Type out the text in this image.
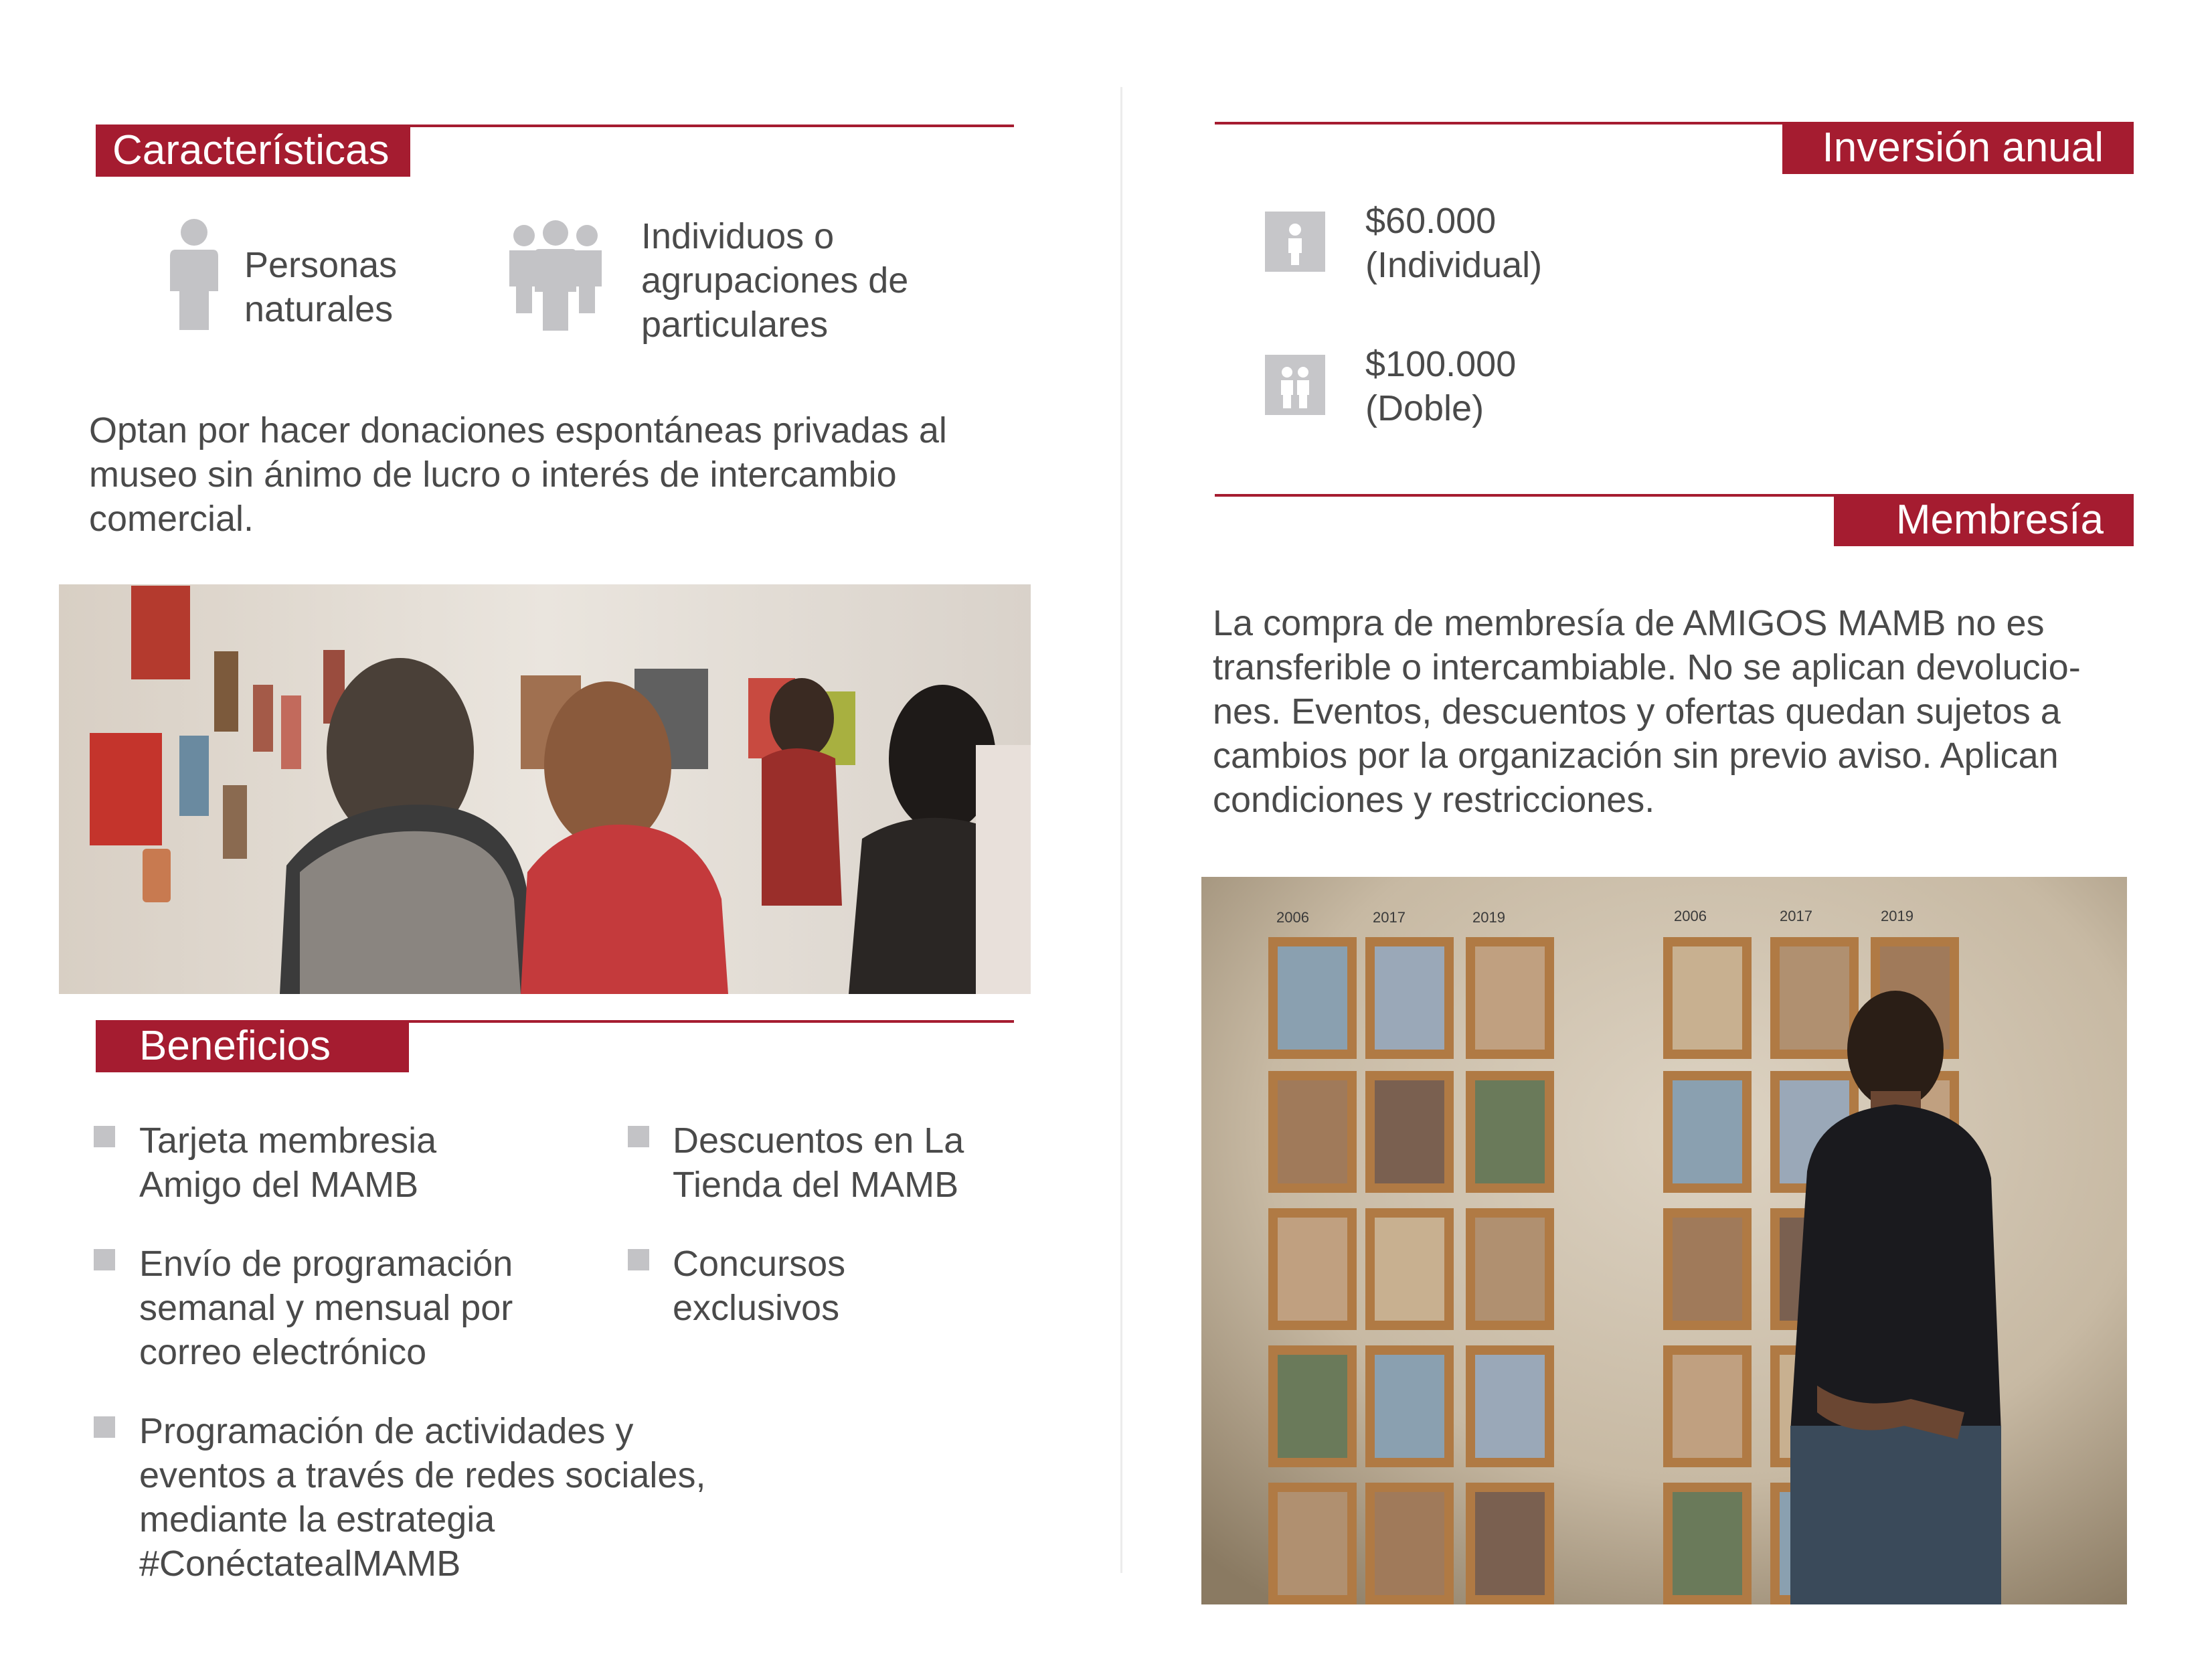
Características
Personas
naturales
Individuos o
agrupaciones de
particulares
Optan por hacer donaciones espontáneas privadas al
museo sin ánimo de lucro o interés de intercambio
comercial.
Beneficios
Tarjeta membresia
Amigo del MAMB
Envío de programación
semanal y mensual por
correo electrónico
Programación de actividades y
eventos a través de redes sociales,
mediante la estrategia
#ConéctatealMAMB
Descuentos en La
Tienda del MAMB
Concursos
exclusivos
Inversión anual
$60.000
(Individual)
$100.000
(Doble)
Membresía
La compra de membresía de AMIGOS MAMB no es
transferible o intercambiable. No se aplican devolucio-
nes. Eventos, descuentos y ofertas quedan sujetos a
cambios por la organización sin previo aviso. Aplican
condiciones y restricciones.
2006	2017	2019	2006	2017	2019
